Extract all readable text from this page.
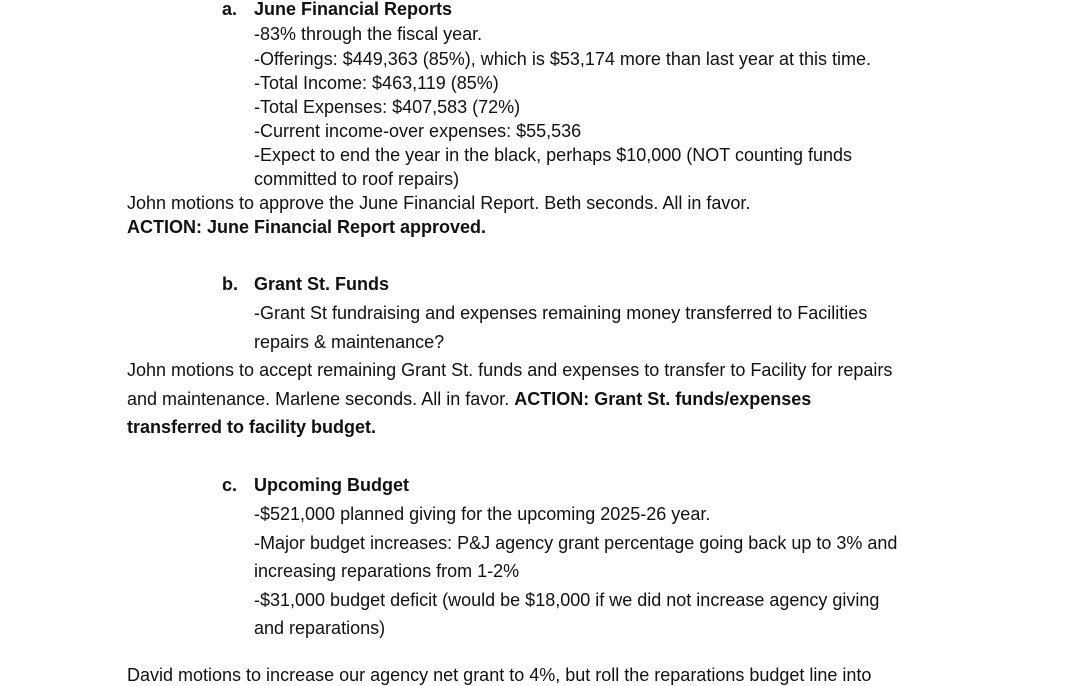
a. June Financial Reports
-83% through the fiscal year.
-Offerings: $449,363 (85%), which is $53,174 more than last year at this time.
-Total Income: $463,119 (85%)
-Total Expenses: $407,583 (72%)
-Current income-over expenses: $55,536
-Expect to end the year in the black, perhaps $10,000 (NOT counting funds
committed to roof repairs)
John motions to approve the June Financial Report. Beth seconds. All in favor.
ACTION: June Financial Report approved.
b. Grant St. Funds
-Grant St fundraising and expenses remaining money transferred to Facilities
repairs & maintenance?
John motions to accept remaining Grant St. funds and expenses to transfer to Facility for repairs
and maintenance. Marlene seconds. All in favor. ACTION: Grant St. funds/expenses
transferred to facility budget.
c. Upcoming Budget
-$521,000 planned giving for the upcoming 2025-26 year.
-Major budget increases: P&J agency grant percentage going back up to 3% and
increasing reparations from 1-2%
-$31,000 budget deficit (would be $18,000 if we did not increase agency giving
and reparations)
David motions to increase our agency net grant to 4%, but roll the reparations budget line into
